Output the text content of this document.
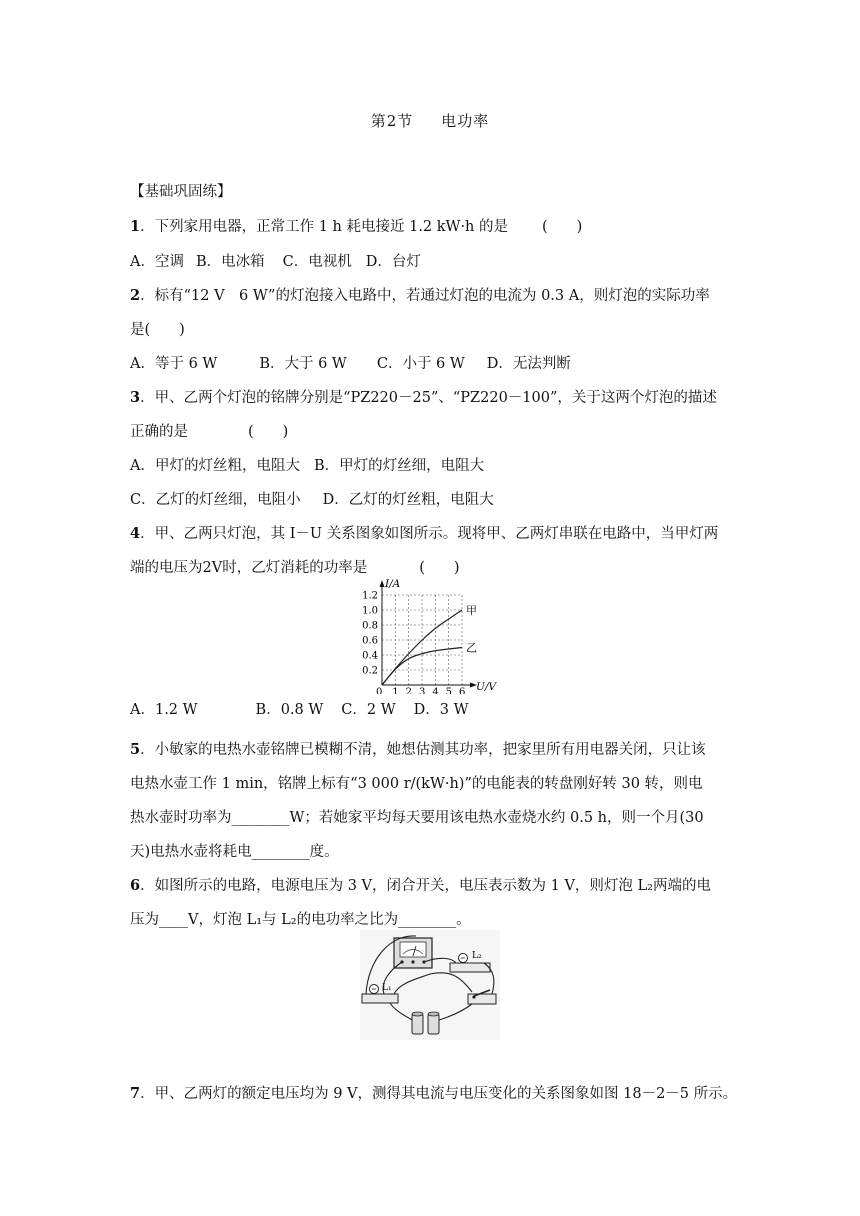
第2节 电功率
【基础巩固练】
1．下列家用电器，正常工作 1 h 耗电接近 1.2 kW·h 的是 (　　)
A．空调 B．电冰箱 C．电视机 D．台灯
2．标有“12 V　6 W”的灯泡接入电路中，若通过灯泡的电流为 0.3 A，则灯泡的实际功率
是(　　)
A．等于 6 W	B．大于 6 W C．小于 6 W D．无法判断
3．甲、乙两个灯泡的铭牌分别是“PZ220－25”、“PZ220－100”，关于这两个灯泡的描述
正确的是	(　　)
A．甲灯的灯丝粗，电阻大 B．甲灯的灯丝细，电阻大
C．乙灯的灯丝细，电阻小 D．乙灯的灯丝粗，电阻大
4．甲、乙两只灯泡，其 I－U 关系图象如图所示。现将甲、乙两灯串联在电路中，当甲灯两
端的电压为2V时，乙灯消耗的功率是	(　　)
0 1 2 3 4 5 6
0.2
0.4
0.6
0.8
1.0
1.2
甲
乙
I/A
U/V
A．1.2 W	B．0.8 W C．2 W D．3 W
5．小敏家的电热水壶铭牌已模糊不清，她想估测其功率，把家里所有用电器关闭，只让该
电热水壶工作 1 min，铭牌上标有“3 000 r/(kW·h)”的电能表的转盘刚好转 30 转，则电
热水壶时功率为________W；若她家平均每天要用该电热水壶烧水约 0.5 h，则一个月(30
天)电热水壶将耗电________度。
6．如图所示的电路，电源电压为 3 V，闭合开关，电压表示数为 1 V，则灯泡 L₂两端的电
压为____V，灯泡 L₁与 L₂的电功率之比为________。
L₂
L₁
7．甲、乙两灯的额定电压均为 9 V，测得其电流与电压变化的关系图象如图 18－2－5 所示。
